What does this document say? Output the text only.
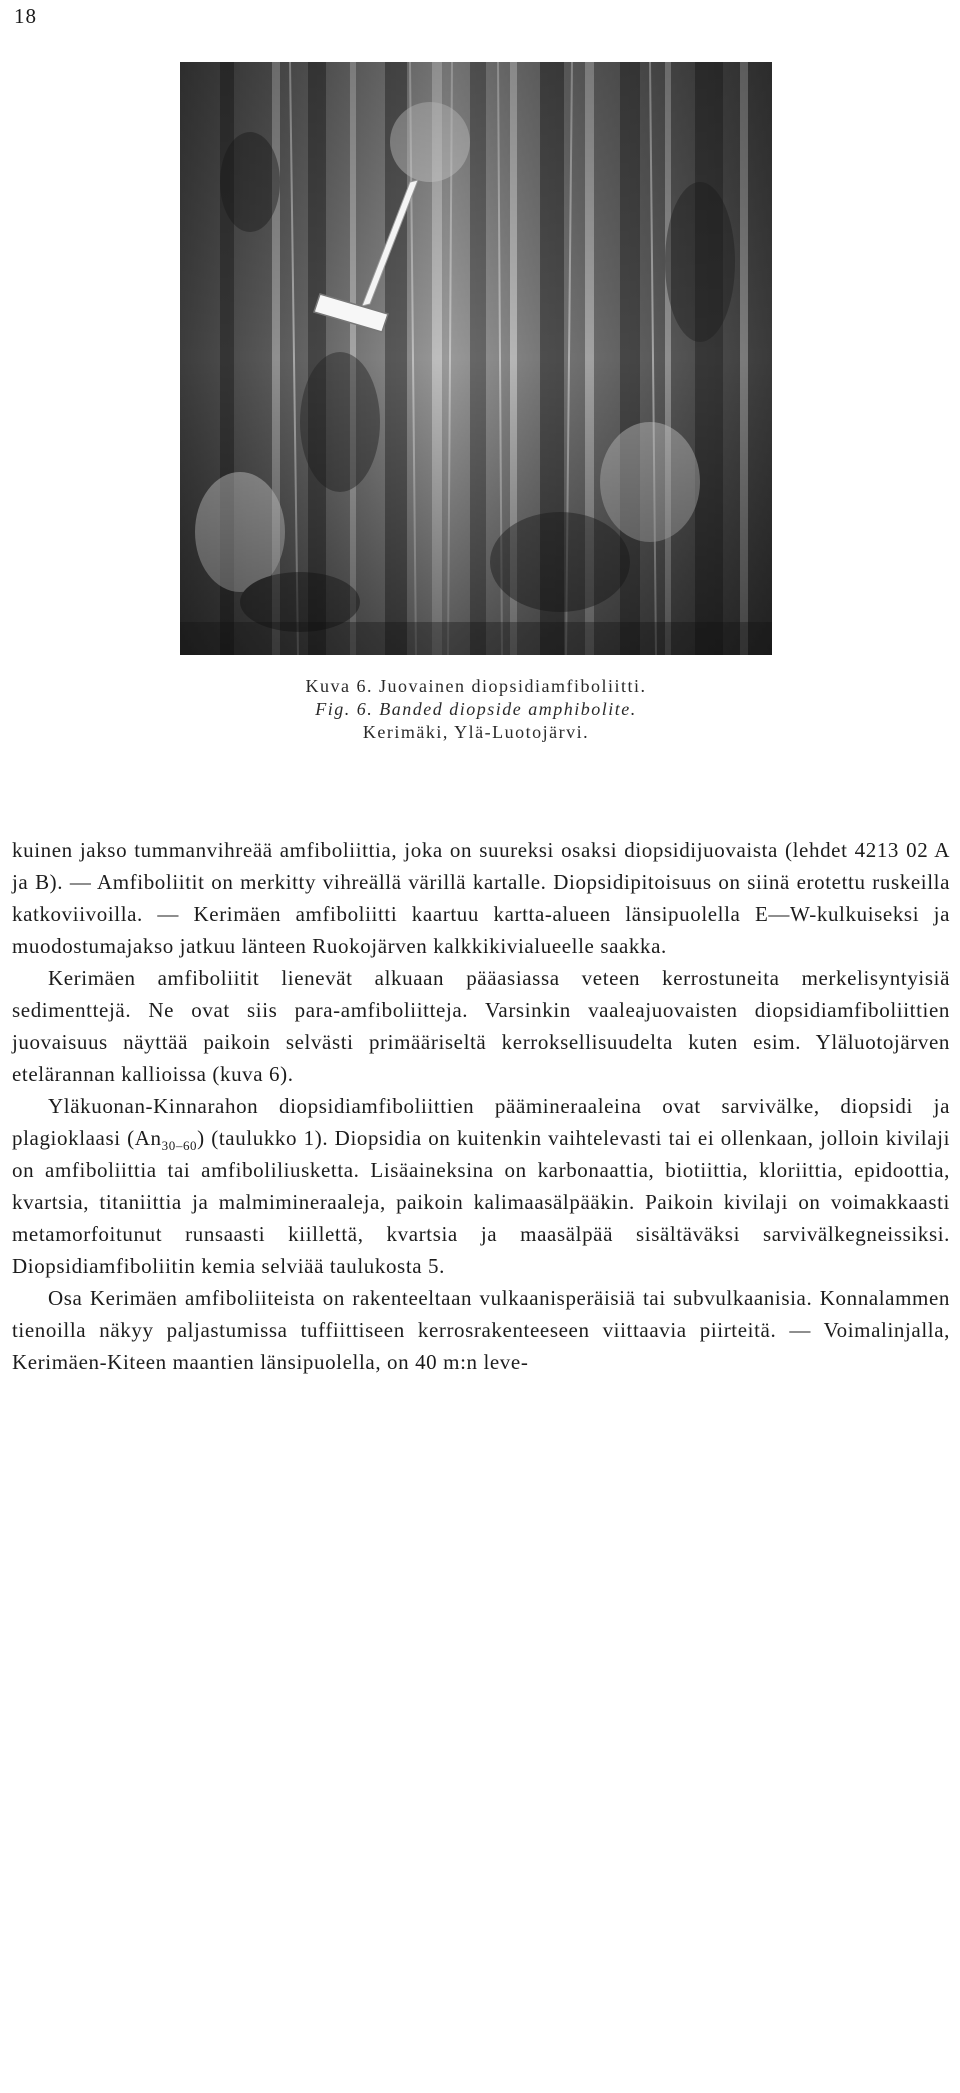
18
Kuva 6. Juovainen diopsidiamfiboliitti.
Fig. 6. Banded diopside amphibolite.
Kerimäki, Ylä-Luotojärvi.

kuinen jakso tummanvihreää amfiboliittia, joka on suureksi osaksi diopsidijuovaista (lehdet 4213 02 A ja B). — Amfiboliitit on merkitty vihreällä värillä kartalle. Diopsidipitoisuus on siinä erotettu ruskeilla katkoviivoilla. — Kerimäen amfiboliitti kaartuu kartta-alueen länsipuolella E—W-kulkuiseksi ja muodostumajakso jatkuu länteen Ruokojärven kalkkikivialueelle saakka.

Kerimäen amfiboliitit lienevät alkuaan pääasiassa veteen kerrostuneita merkelisyntyisiä sedimenttejä. Ne ovat siis para-amfiboliitteja. Varsinkin vaaleajuovaisten diopsidiamfiboliittien juovaisuus näyttää paikoin selvästi primääriseltä kerroksellisuudelta kuten esim. Yläluotojärven etelärannan kallioissa (kuva 6).

Yläkuonan-Kinnarahon diopsidiamfiboliittien päämineraaleina ovat sarvivälke, diopsidi ja plagioklaasi $(An_{30-60})$ (taulukko 1). Diopsidia on kuitenkin vaihtelevasti tai ei ollenkaan, jolloin kivilaji on amfiboliittia tai amfiboliliusketta. Lisäaineksina on karbonaattia, biotiittia, kloriittia, epidoottia, kvartsia, titaniittia ja malmimineraaleja, paikoin kalimaasälpääkin. Paikoin kivilaji on voimakkaasti metamorfoitunut runsaasti kiillettä, kvartsia ja maasälpää sisältäväksi sarvivälkegneissiksi. Diopsidiamfiboliitin kemia selviää taulukosta 5.

Osa Kerimäen amfiboliiteista on rakenteeltaan vulkaanisperäisiä tai subvulkaanisia. Konnalammen tienoilla näkyy paljastumissa tuffiittiseen kerrosrakenteeseen viittaavia piirteitä. — Voimalinjalla, Kerimäen-Kiteen maantien länsipuolella, on 40 m:n leve-
